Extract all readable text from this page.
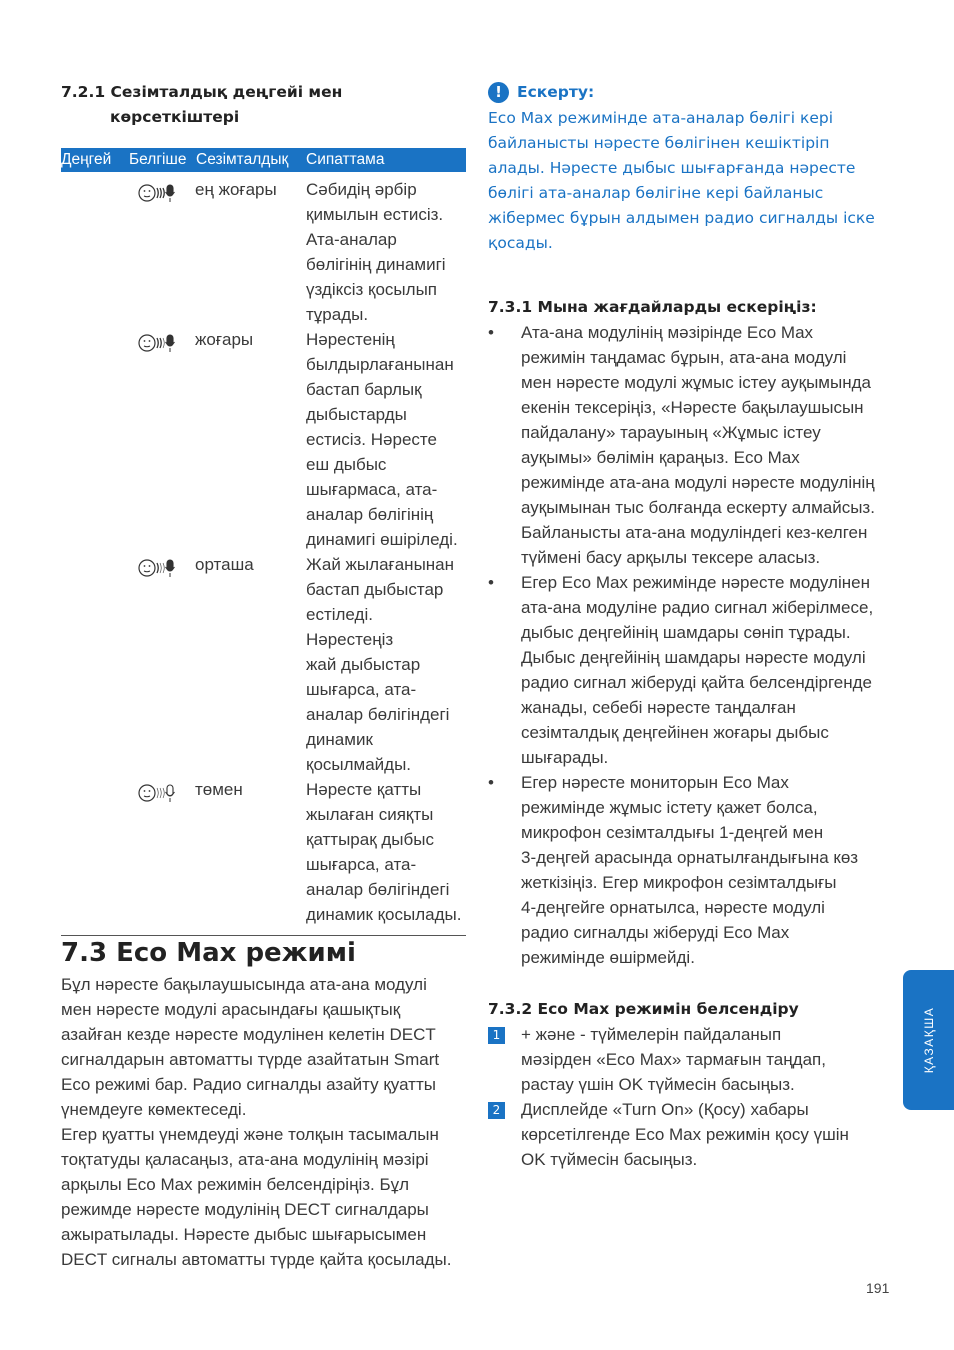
7.2.1 Сезімталдық деңгейі мен

көрсеткіштері

Деңгей Белгіше Сезімталдық Сипаттама
ең жоғары Сәбидің әрбір
қимылын естисіз.
Ата-аналар
бөлігінің динамигі
үздіксіз қосылып
тұрады.
жоғары	Нәрестенің
былдырлағанынан
бастап барлық
дыбыстарды
естисіз. Нәресте
еш дыбыс
шығармаса, ата-
аналар бөлігінің
динамигі өшіріледі.
орташа	Жай жылағанынан
бастап дыбыстар
естіледі.
Нәрестеңіз
жай дыбыстар
шығарса, ата-
аналар бөлігіндегі
динамик
қосылмайды.
төмен	Нәресте қатты
жылаған сияқты
қаттырақ дыбыс
шығарса, ата-
аналар бөлігіндегі
динамик қосылады.
7.3 Eco Max режимі
Бұл нәресте бақылаушысында ата-ана модулі
мен нәресте модулі арасындағы қашықтық
азайған кезде нәресте модулінен келетін DECT
сигналдарын автоматты түрде азайтатын Smart
Eco режимі бар. Радио сигналды азайту қуатты
үнемдеуге көмектеседі.
Егер қуатты үнемдеуді және толқын тасымалын
тоқтатуды қаласаңыз, ата-ана модулінің мәзірі
арқылы Eco Max режимін белсендіріңіз. Бұл
режимде нәресте модулінің DECT сигналдары
ажыратылады. Нәресте дыбыс шығарысымен
DECT сигналы автоматты түрде қайта қосылады.
! Ескерту:
Eco Max режимінде ата-аналар бөлігі кері
байланысты нәресте бөлігінен кешіктіріп
алады. Нәресте дыбыс шығарғанда нәресте
бөлігі ата-аналар бөлігіне кері байланыс
жібермес бұрын алдымен радио сигналды іске
қосады.

7.3.1 Мына жағдайларды ескеріңіз:

• Ата-ана модулінің мәзірінде Eco Max
режимін таңдамас бұрын, ата-ана модулі
мен нәресте модулі жұмыс істеу ауқымында
екенін тексеріңіз, «Нәресте бақылаушысын
пайдалану» тарауының «Жұмыс істеу
ауқымы» бөлімін қараңыз. Eco Max
режимінде ата-ана модулі нәресте модулінің
ауқымынан тыс болғанда ескерту алмайсыз.
Байланысты ата-ана модуліндегі кез-келген
түймені басу арқылы тексере аласыз.
• Егер Eco Max режимінде нәресте модулінен
ата-ана модуліне радио сигнал жіберілмесе,
дыбыс деңгейінің шамдары сөніп тұрады.
Дыбыс деңгейінің шамдары нәресте модулі
радио сигнал жіберуді қайта белсендіргенде
жанады, себебі нәресте таңдалған
сезімталдық деңгейінен жоғары дыбыс
шығарады.
• Егер нәресте мониторын Eco Max
режимінде жұмыс істету қажет болса,
микрофон сезімталдығы 1-деңгей мен
3-деңгей арасында орнатылғандығына көз
жеткізіңіз. Егер микрофон сезімталдығы
4-деңгейге орнатылса, нәресте модулі
радио сигналды жіберуді Eco Max
режимінде өшірмейді.

7.3.2 Eco Max режимін белсендіру

1 + және - түймелерін пайдаланып
мәзірден «Eco Max» тармағын таңдап,
растау үшін OK түймесін басыңыз.
2 Дисплейде «Turn On» (Қосу) хабары
көрсетілгенде Eco Max режимін қосу үшін
OK түймесін басыңыз.
ҚАЗАҚША
191
